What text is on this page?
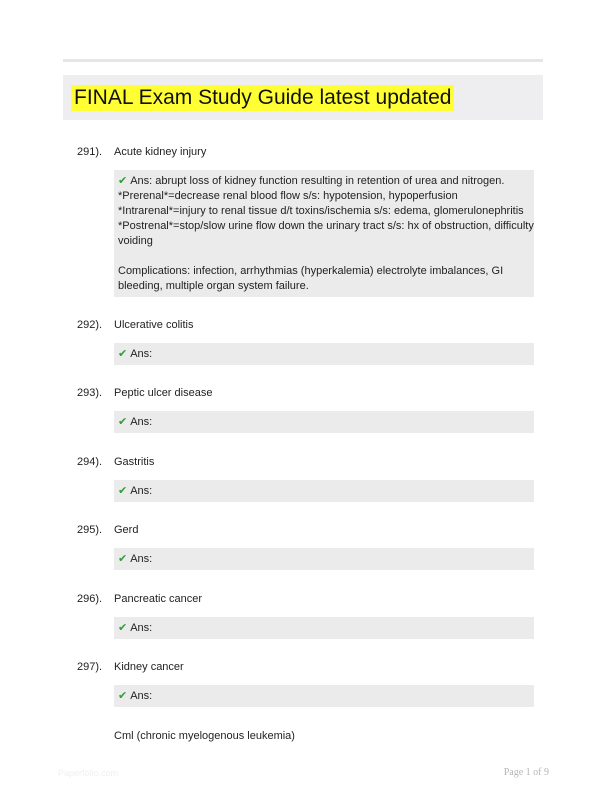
FINAL Exam Study Guide latest updated
291). Acute kidney injury
✔ Ans: abrupt loss of kidney function resulting in retention of urea and nitrogen.
*Prerenal*=decrease renal blood flow s/s: hypotension, hypoperfusion
*Intrarenal*=injury to renal tissue d/t toxins/ischemia s/s: edema, glomerulonephritis
*Postrenal*=stop/slow urine flow down the urinary tract s/s: hx of obstruction, difficulty
voiding
Complications: infection, arrhythmias (hyperkalemia) electrolyte imbalances, GI
bleeding, multiple organ system failure.
292). Ulcerative colitis
✔ Ans:
293). Peptic ulcer disease
✔ Ans:
294). Gastritis
✔ Ans:
295). Gerd
✔ Ans:
296). Pancreatic cancer
✔ Ans:
297). Kidney cancer
✔ Ans:
Cml (chronic myelogenous leukemia)
Paperfolio.com	Page 1 of 9
